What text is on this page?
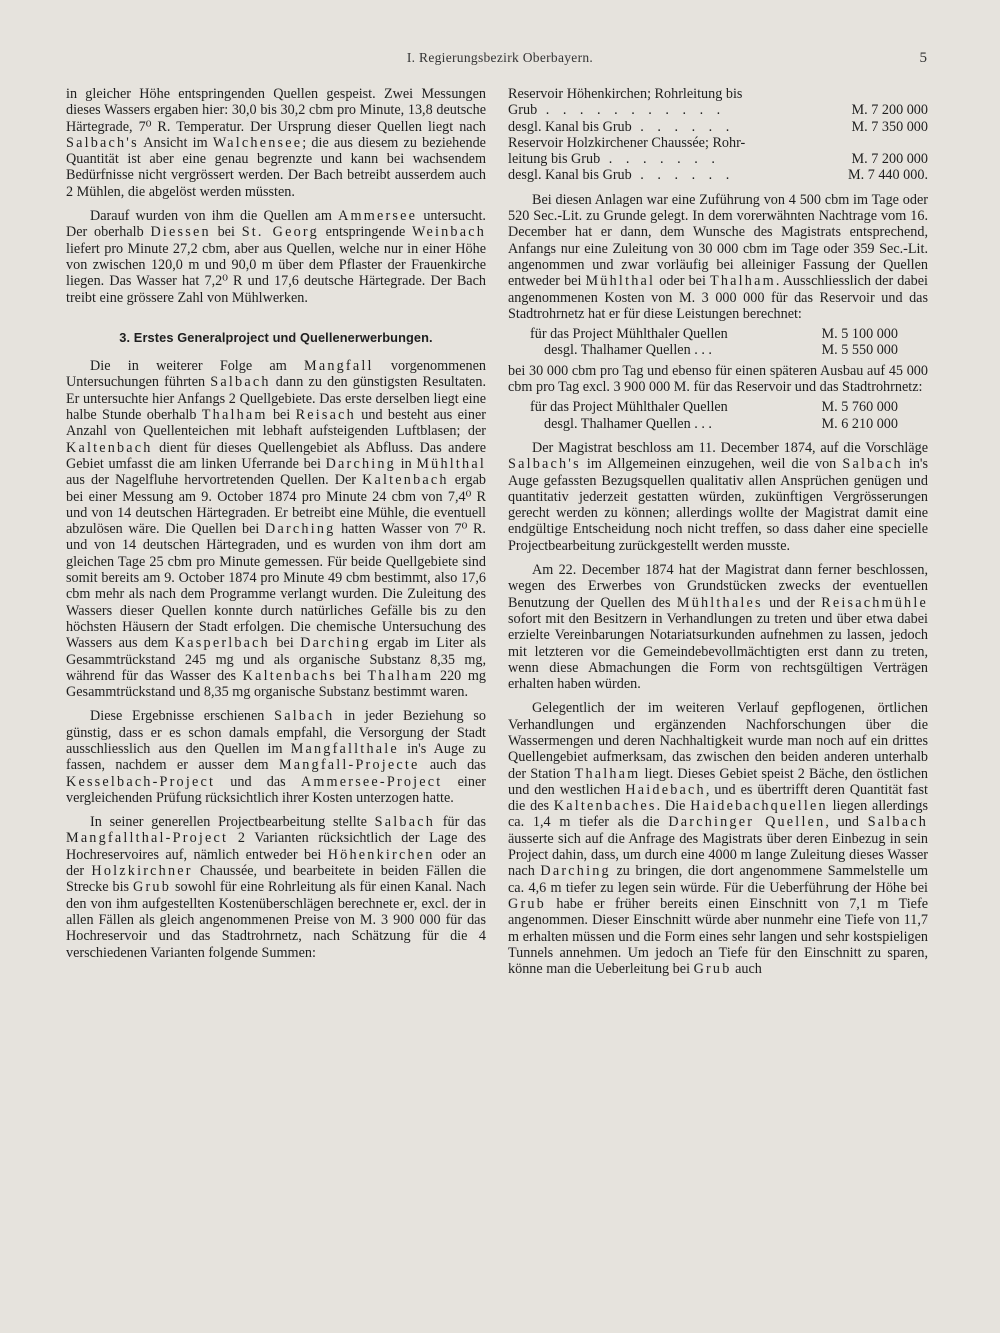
I. Regierungsbezirk Oberbayern.	5

in gleicher Höhe entspringenden Quellen gespeist. Zwei Messungen dieses Wassers ergaben hier: 30,0 bis 30,2 cbm pro Minute, 13,8 deutsche Härtegrade, 7⁰ R. Temperatur. Der Ursprung dieser Quellen liegt nach Salbach's Ansicht im Walchensee; die aus diesem zu beziehende Quantität ist aber eine genau begrenzte und kann bei wachsendem Bedürfnisse nicht vergrössert werden. Der Bach betreibt ausserdem auch 2 Mühlen, die abgelöst werden müssten.

Darauf wurden von ihm die Quellen am Ammersee untersucht. Der oberhalb Diessen bei St. Georg entspringende Weinbach liefert pro Minute 27,2 cbm, aber aus Quellen, welche nur in einer Höhe von zwischen 120,0 m und 90,0 m über dem Pflaster der Frauenkirche liegen. Das Wasser hat 7,2⁰ R und 17,6 deutsche Härtegrade. Der Bach treibt eine grössere Zahl von Mühlwerken.

3. Erstes Generalproject und Quellenerwerbungen.

Die in weiterer Folge am Mangfall vorgenommenen Untersuchungen führten Salbach dann zu den günstigsten Resultaten. Er untersuchte hier Anfangs 2 Quellgebiete. Das erste derselben liegt eine halbe Stunde oberhalb Thalham bei Reisach und besteht aus einer Anzahl von Quellenteichen mit lebhaft aufsteigenden Luftblasen; der Kaltenbach dient für dieses Quellengebiet als Abfluss. Das andere Gebiet umfasst die am linken Uferrande bei Darching in Mühlthal aus der Nagelfluhe hervortretenden Quellen. Der Kaltenbach ergab bei einer Messung am 9. October 1874 pro Minute 24 cbm von 7,4⁰ R und von 14 deutschen Härtegraden. Er betreibt eine Mühle, die eventuell abzulösen wäre. Die Quellen bei Darching hatten Wasser von 7⁰ R. und von 14 deutschen Härtegraden, und es wurden von ihm dort am gleichen Tage 25 cbm pro Minute gemessen. Für beide Quellgebiete sind somit bereits am 9. October 1874 pro Minute 49 cbm bestimmt, also 17,6 cbm mehr als nach dem Programme verlangt wurden. Die Zuleitung des Wassers dieser Quellen konnte durch natürliches Gefälle bis zu den höchsten Häusern der Stadt erfolgen. Die chemische Untersuchung des Wassers aus dem Kasperlbach bei Darching ergab im Liter als Gesammtrückstand 245 mg und als organische Substanz 8,35 mg, während für das Wasser des Kaltenbachs bei Thalham 220 mg Gesammtrückstand und 8,35 mg organische Substanz bestimmt waren.

Diese Ergebnisse erschienen Salbach in jeder Beziehung so günstig, dass er es schon damals empfahl, die Versorgung der Stadt ausschliesslich aus den Quellen im Mangfallthale in's Auge zu fassen, nachdem er ausser dem Mangfall-Projecte auch das Kesselbach-Project und das Ammersee-Project einer vergleichenden Prüfung rücksichtlich ihrer Kosten unterzogen hatte.

In seiner generellen Projectbearbeitung stellte Salbach für das Mangfallthal-Project 2 Varianten rücksichtlich der Lage des Hochreservoires auf, nämlich entweder bei Höhenkirchen oder an der Holzkirchner Chaussée, und bearbeitete in beiden Fällen die Strecke bis Grub sowohl für eine Rohrleitung als für einen Kanal. Nach den von ihm aufgestellten Kostenüberschlägen berechnete er, excl. der in allen Fällen als gleich angenommenen Preise von M. 3 900 000 für das Hochreservoir und das Stadtrohrnetz, nach Schätzung für die 4 verschiedenen Varianten folgende Summen:

Reservoir Höhenkirchen; Rohrleitung bis	
Grub . . . . . . . . . . .	M. 7 200 000
desgl. Kanal bis Grub . . . . . .	M. 7 350 000
Reservoir Holzkirchener Chaussée; Rohr-	
leitung bis Grub . . . . . . .	M. 7 200 000
desgl. Kanal bis Grub . . . . . .	M. 7 440 000.

Bei diesen Anlagen war eine Zuführung von 4 500 cbm im Tage oder 520 Sec.-Lit. zu Grunde gelegt. In dem vorerwähnten Nachtrage vom 16. December hat er dann, dem Wunsche des Magistrats entsprechend, Anfangs nur eine Zuleitung von 30 000 cbm im Tage oder 359 Sec.-Lit. angenommen und zwar vorläufig bei alleiniger Fassung der Quellen entweder bei Mühlthal oder bei Thalham. Ausschliesslich der dabei angenommenen Kosten von M. 3 000 000 für das Reservoir und das Stadtrohrnetz hat er für diese Leistungen berechnet:

für das Project Mühlthaler Quellen	M. 5 100 000
desgl. Thalhamer Quellen . . .	M. 5 550 000

bei 30 000 cbm pro Tag und ebenso für einen späteren Ausbau auf 45 000 cbm pro Tag excl. 3 900 000 M. für das Reservoir und das Stadtrohrnetz:

für das Project Mühlthaler Quellen	M. 5 760 000
desgl. Thalhamer Quellen . . .	M. 6 210 000

Der Magistrat beschloss am 11. December 1874, auf die Vorschläge Salbach's im Allgemeinen einzugehen, weil die von Salbach in's Auge gefassten Bezugsquellen qualitativ allen Ansprüchen genügen und quantitativ jederzeit gestatten würden, zukünftigen Vergrösserungen gerecht werden zu können; allerdings wollte der Magistrat damit eine endgültige Entscheidung noch nicht treffen, so dass daher eine specielle Projectbearbeitung zurückgestellt werden musste.

Am 22. December 1874 hat der Magistrat dann ferner beschlossen, wegen des Erwerbes von Grundstücken zwecks der eventuellen Benutzung der Quellen des Mühlthales und der Reisachmühle sofort mit den Besitzern in Verhandlungen zu treten und über etwa dabei erzielte Vereinbarungen Notariatsurkunden aufnehmen zu lassen, jedoch mit letzteren vor die Gemeindebevollmächtigten erst dann zu treten, wenn diese Abmachungen die Form von rechtsgültigen Verträgen erhalten haben würden.

Gelegentlich der im weiteren Verlauf gepflogenen, örtlichen Verhandlungen und ergänzenden Nachforschungen über die Wassermengen und deren Nachhaltigkeit wurde man noch auf ein drittes Quellengebiet aufmerksam, das zwischen den beiden anderen unterhalb der Station Thalham liegt. Dieses Gebiet speist 2 Bäche, den östlichen und den westlichen Haidebach, und es übertrifft deren Quantität fast die des Kaltenbaches. Die Haidebachquellen liegen allerdings ca. 1,4 m tiefer als die Darchinger Quellen, und Salbach äusserte sich auf die Anfrage des Magistrats über deren Einbezug in sein Project dahin, dass, um durch eine 4000 m lange Zuleitung dieses Wasser nach Darching zu bringen, die dort angenommene Sammelstelle um ca. 4,6 m tiefer zu legen sein würde. Für die Ueberführung der Höhe bei Grub habe er früher bereits einen Einschnitt von 7,1 m Tiefe angenommen. Dieser Einschnitt würde aber nunmehr eine Tiefe von 11,7 m erhalten müssen und die Form eines sehr langen und sehr kostspieligen Tunnels annehmen. Um jedoch an Tiefe für den Einschnitt zu sparen, könne man die Ueberleitung bei Grub auch
